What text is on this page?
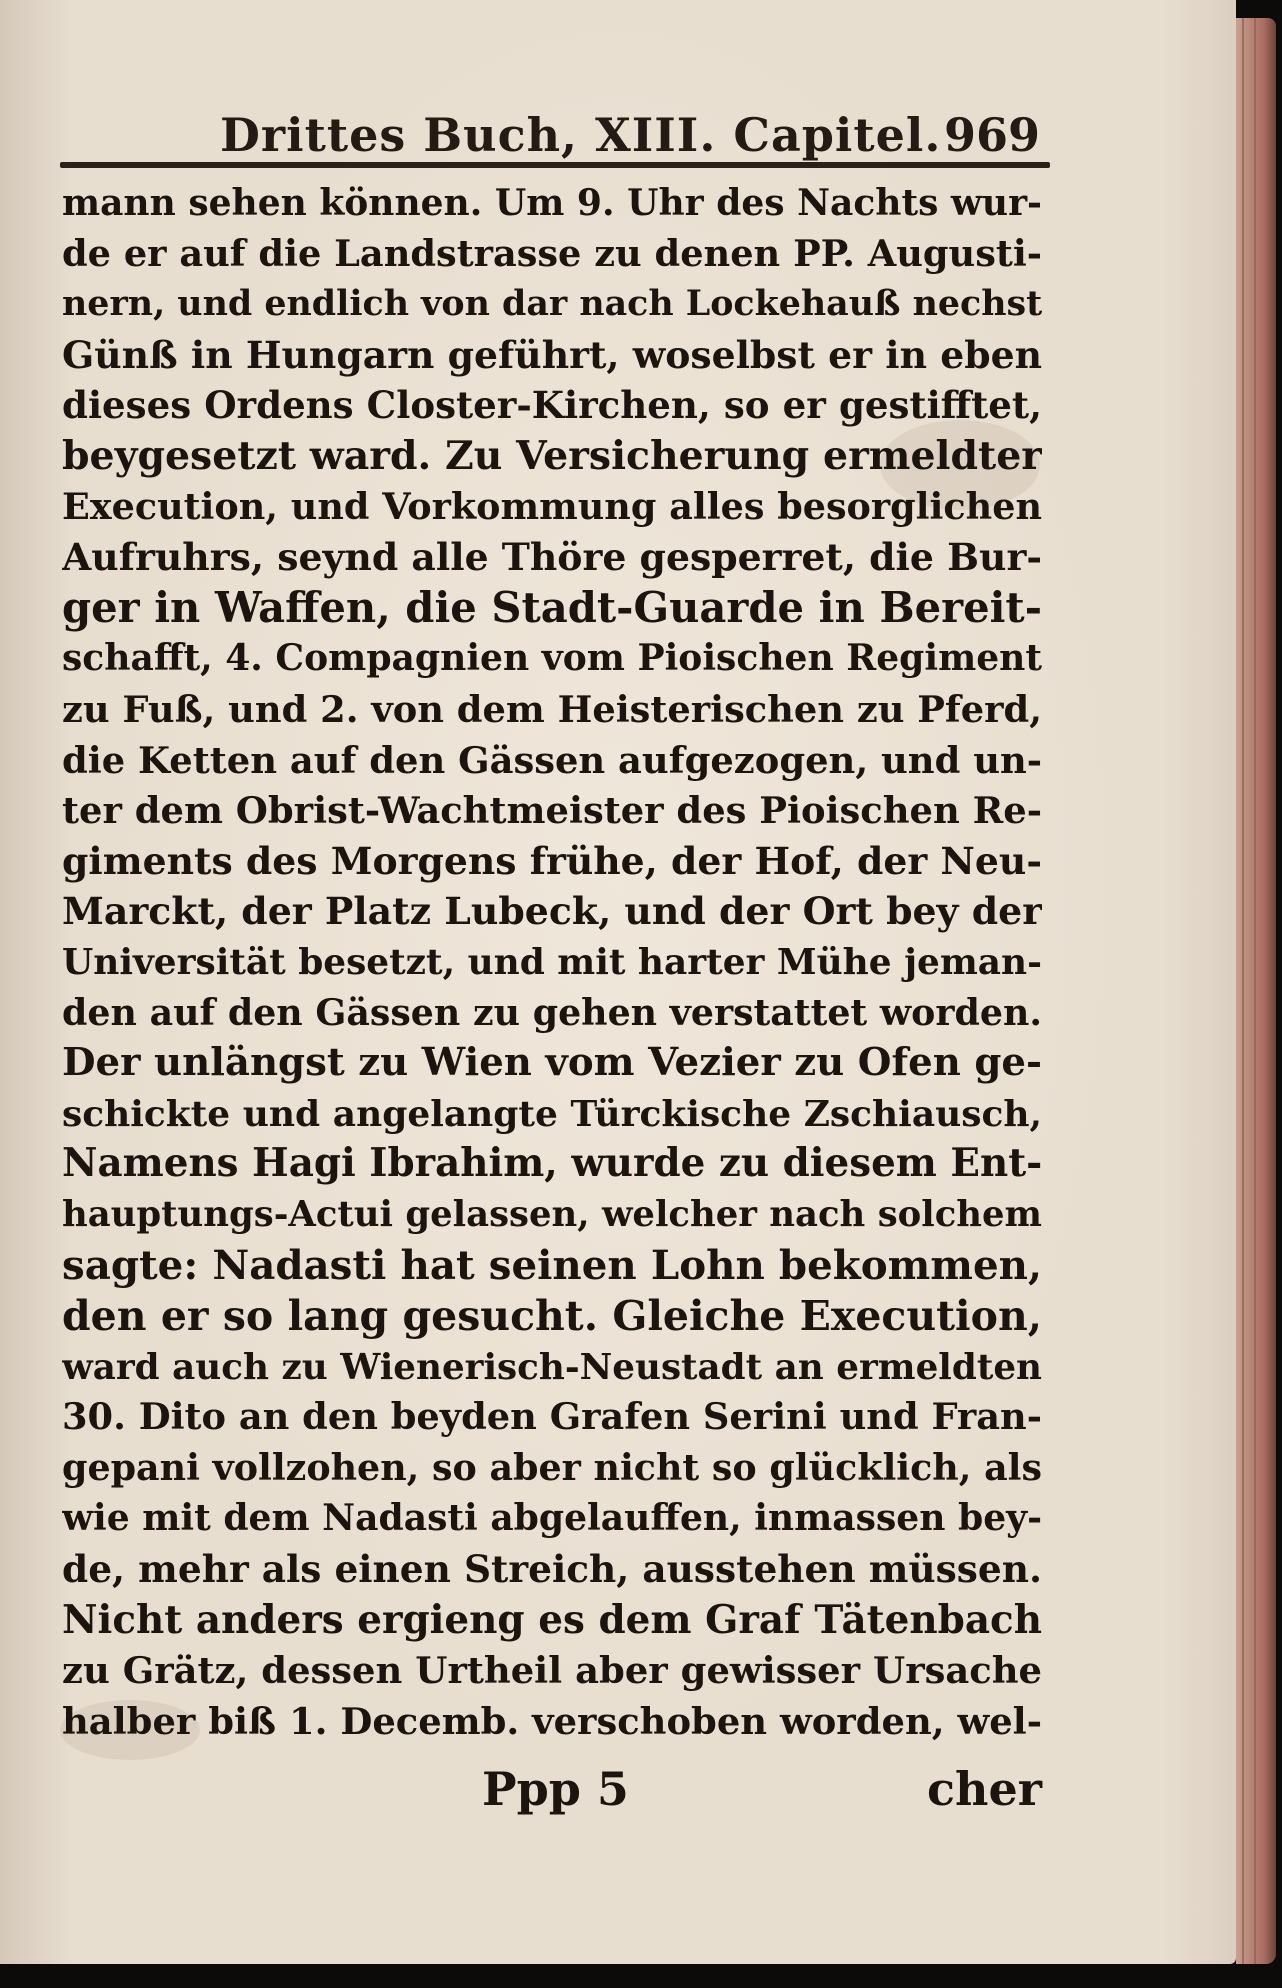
Drittes Buch, XIII. Capitel. 969
mann sehen können. Um 9. Uhr des Nachts wur-
de er auf die Landstrasse zu denen PP. Augusti-
nern, und endlich von dar nach Lockehauß nechst
Günß in Hungarn geführt, woselbst er in eben
dieses Ordens Closter-Kirchen, so er gestifftet,
beygesetzt ward. Zu Versicherung ermeldter
Execution, und Vorkommung alles besorglichen
Aufruhrs, seynd alle Thöre gesperret, die Bur-
ger in Waffen, die Stadt-Guarde in Bereit-
schafft, 4. Compagnien vom Pioischen Regiment
zu Fuß, und 2. von dem Heisterischen zu Pferd,
die Ketten auf den Gässen aufgezogen, und un-
ter dem Obrist-Wachtmeister des Pioischen Re-
giments des Morgens frühe, der Hof, der Neu-
Marckt, der Platz Lubeck, und der Ort bey der
Universität besetzt, und mit harter Mühe jeman-
den auf den Gässen zu gehen verstattet worden.
Der unlängst zu Wien vom Vezier zu Ofen ge-
schickte und angelangte Türckische Zschiausch,
Namens Hagi Ibrahim, wurde zu diesem Ent-
hauptungs-Actui gelassen, welcher nach solchem
sagte: Nadasti hat seinen Lohn bekommen,
den er so lang gesucht. Gleiche Execution,
ward auch zu Wienerisch-Neustadt an ermeldten
30. Dito an den beyden Grafen Serini und Fran-
gepani vollzohen, so aber nicht so glücklich, als
wie mit dem Nadasti abgelauffen, inmassen bey-
de, mehr als einen Streich, ausstehen müssen.
Nicht anders ergieng es dem Graf Tätenbach
zu Grätz, dessen Urtheil aber gewisser Ursache
halber biß 1. Decemb. verschoben worden, wel-
Ppp 5	cher
